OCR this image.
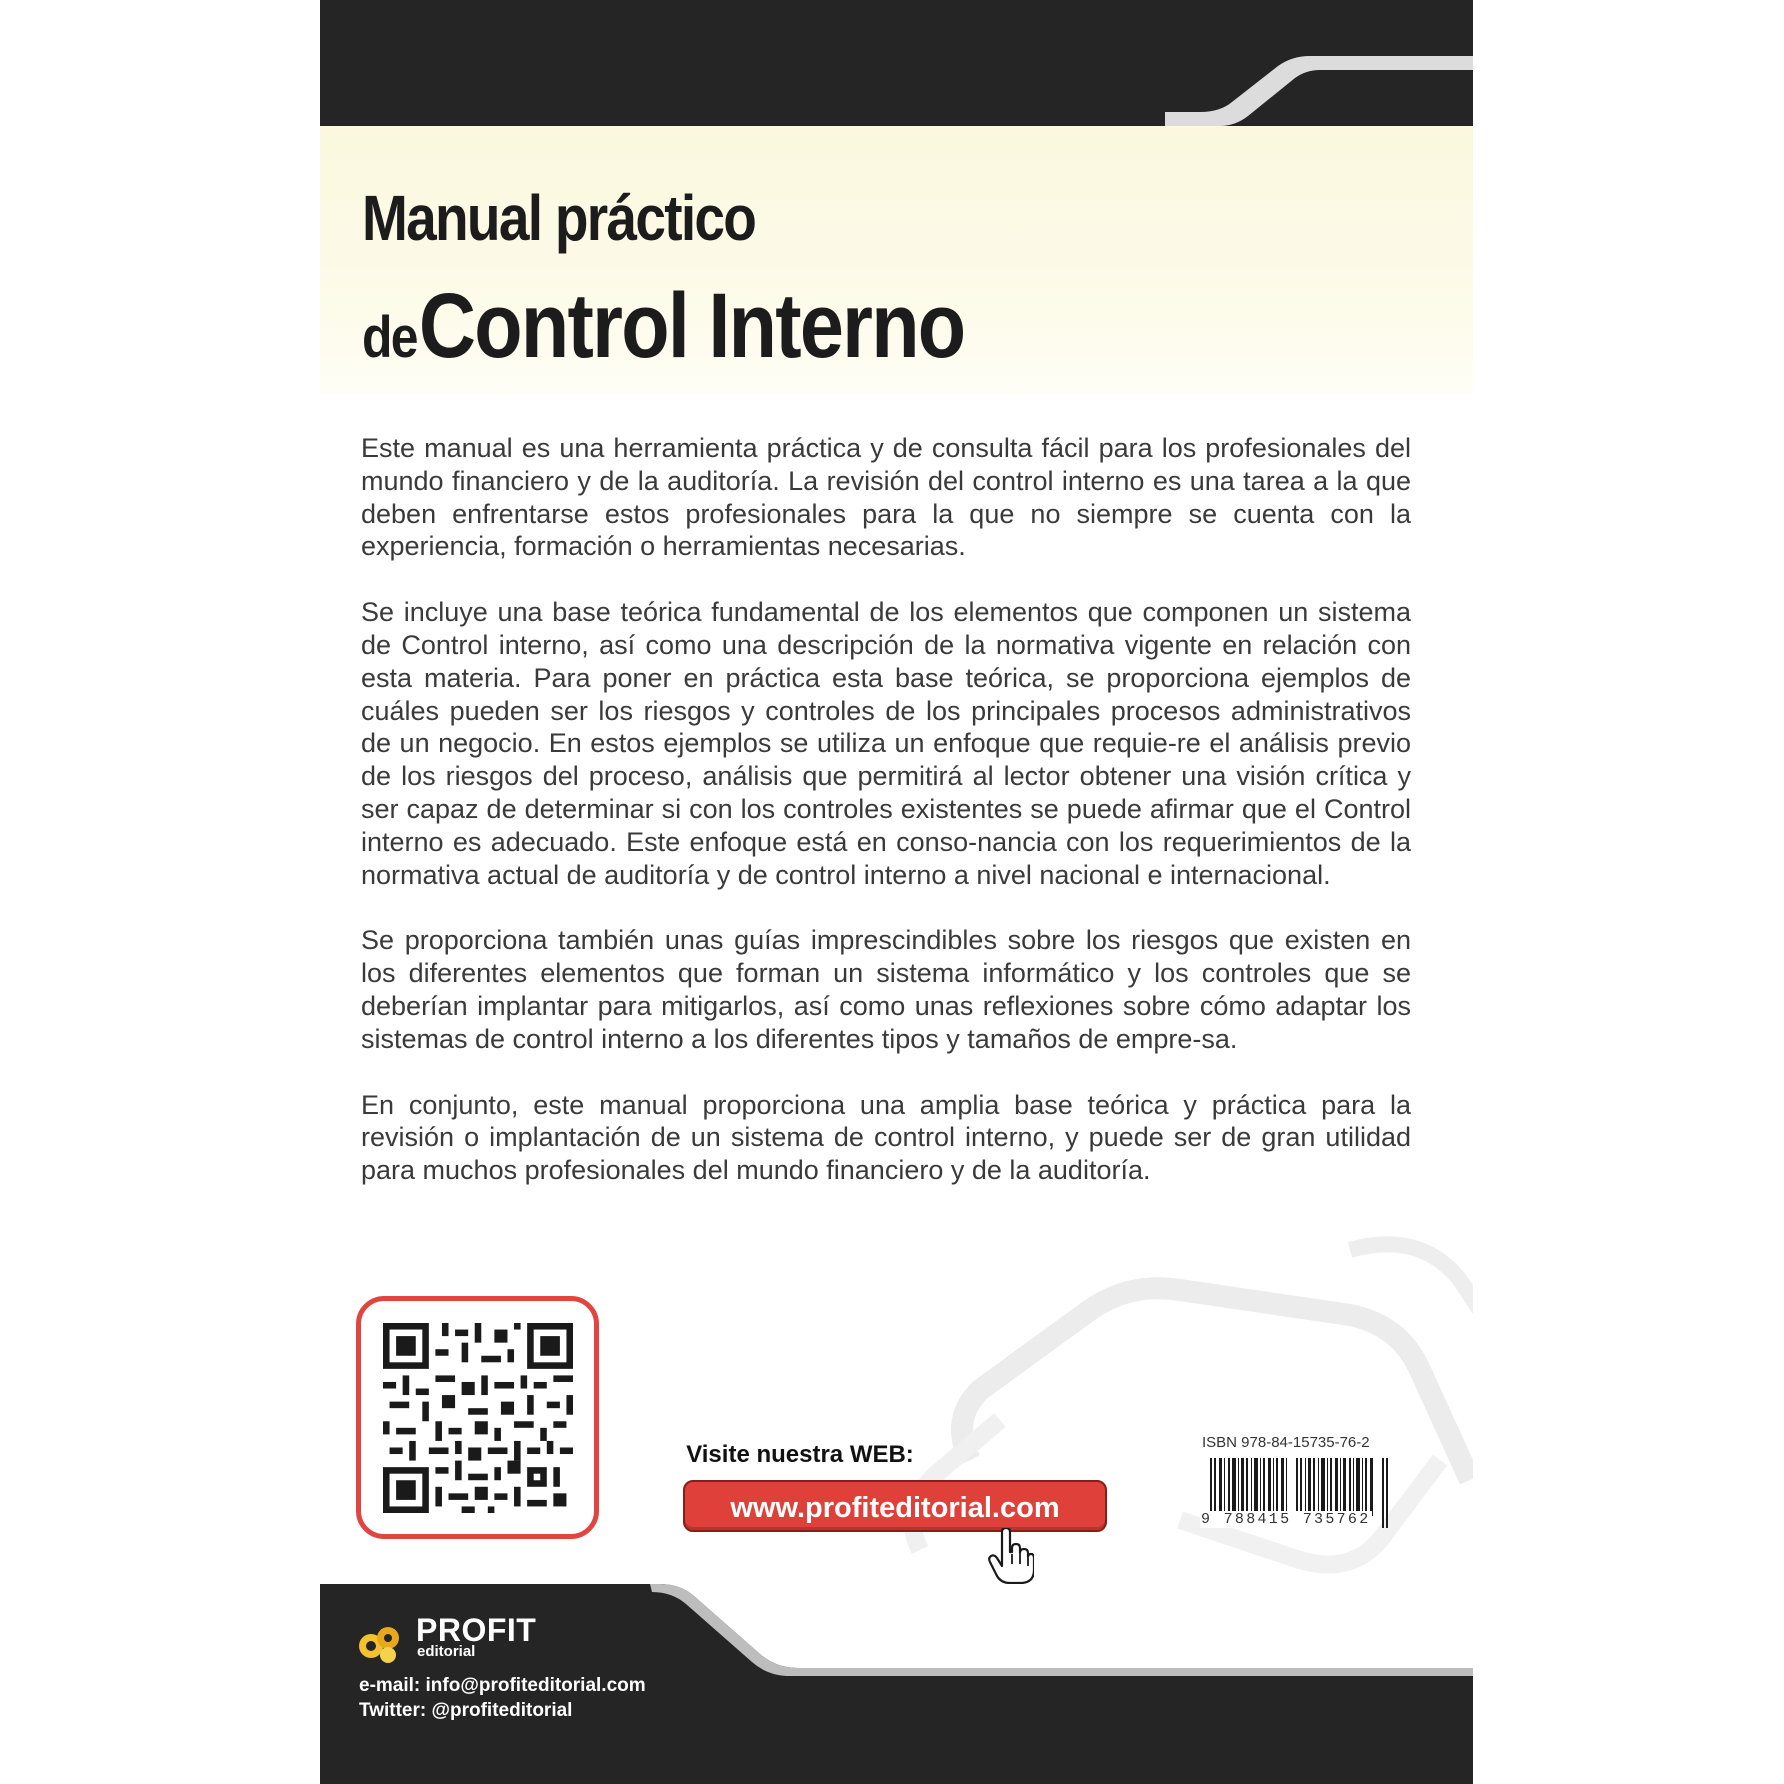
Manual práctico
de Control Interno

Este manual es una herramienta práctica y de consulta fácil para los profesionales del mundo financiero y de la auditoría. La revisión del control interno es una tarea a la que deben enfrentarse estos profesionales para la que no siempre se cuenta con la experiencia, formación o herramientas necesarias.

Se incluye una base teórica fundamental de los elementos que componen un sistema de Control interno, así como una descripción de la normativa vigente en relación con esta materia. Para poner en práctica esta base teórica, se proporciona ejemplos de cuáles pueden ser los riesgos y controles de los principales procesos administrativos de un negocio. En estos ejemplos se utiliza un enfoque que requie-re el análisis previo de los riesgos del proceso, análisis que permitirá al lector obtener una visión crítica y ser capaz de determinar si con los controles existentes se puede afirmar que el Control interno es adecuado. Este enfoque está en conso-nancia con los requerimientos de la normativa actual de auditoría y de control interno a nivel nacional e internacional.

Se proporciona también unas guías imprescindibles sobre los riesgos que existen en los diferentes elementos que forman un sistema informático y los controles que se deberían implantar para mitigarlos, así como unas reflexiones sobre cómo adaptar los sistemas de control interno a los diferentes tipos y tamaños de empre-sa.

En conjunto, este manual proporciona una amplia base teórica y práctica para la revisión o implantación de un sistema de control interno, y puede ser de gran utilidad para muchos profesionales del mundo financiero y de la auditoría.

Visite nuestra WEB:
www.profiteditorial.com
ISBN 978-84-15735-76-2
9 788415 735762
PROFIT
editorial
e-mail: info@profiteditorial.com
Twitter: @profiteditorial
